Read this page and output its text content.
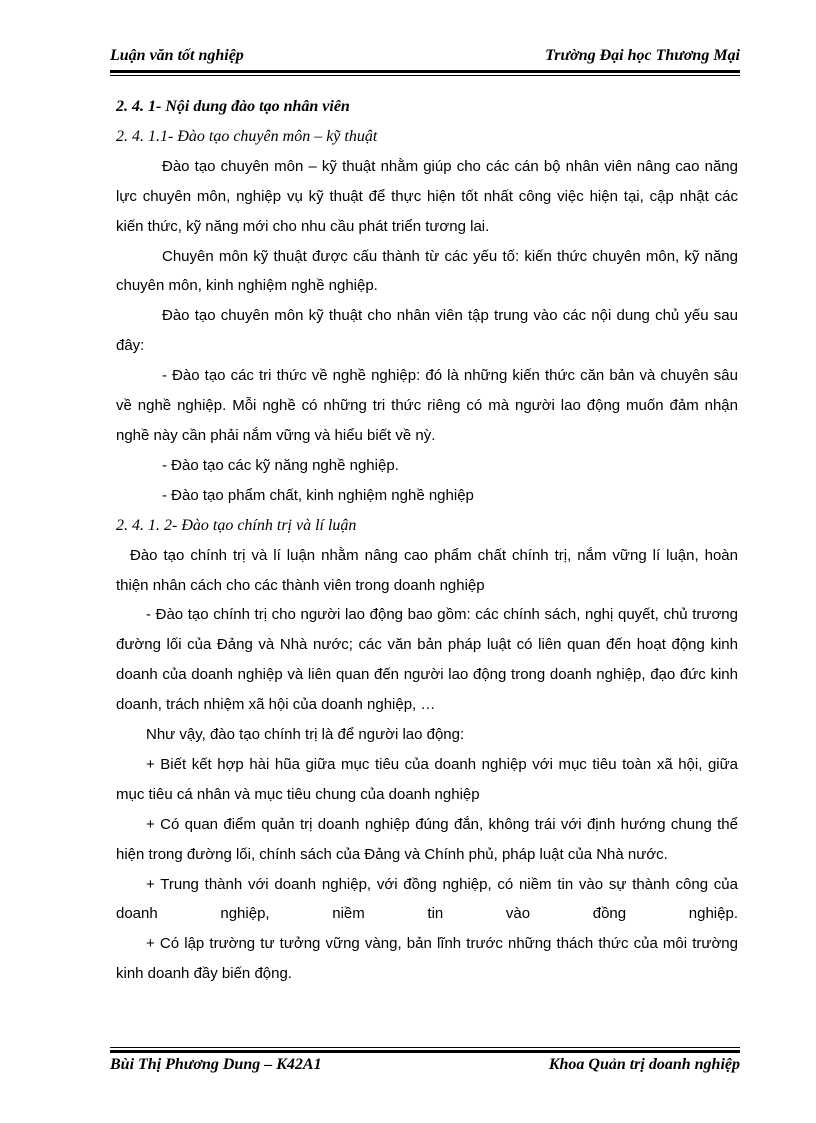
Luận văn tốt nghiệp	Trường Đại học Thương Mại

2. 4. 1- Nội dung đào tạo nhân viên

2. 4. 1.1- Đào tạo chuyên môn – kỹ thuật

Đào tạo chuyên môn – kỹ thuật nhằm giúp cho các cán bộ nhân viên nâng cao năng lực chuyên môn, nghiệp vụ kỹ thuật để thực hiện tốt nhất công việc hiện tại, cập nhật các kiến thức, kỹ năng mới cho nhu cầu phát triển tương lai.

Chuyên môn kỹ thuật được cấu thành từ các yếu tố: kiến thức chuyên môn, kỹ năng chuyên môn, kinh nghiệm nghề nghiệp.

Đào tạo chuyên môn kỹ thuật cho nhân viên tập trung vào các nội dung chủ yếu sau đây:

- Đào tạo các tri thức về nghề nghiệp: đó là những kiến thức căn bản và chuyên sâu về nghề nghiệp. Mỗi nghề có những tri thức riêng có mà người lao động muốn đảm nhận nghề này cần phải nắm vững và hiểu biết về nỳ.

- Đào tạo các kỹ năng nghề nghiệp.

- Đào tạo phẩm chất, kinh nghiệm nghề nghiệp

2. 4. 1. 2- Đào tạo chính trị và lí luận

Đào tạo chính trị và lí luận nhằm nâng cao phẩm chất chính trị, nắm vững lí luận, hoàn thiện nhân cách cho các thành viên trong doanh nghiệp

- Đào tạo chính trị cho người lao động bao gồm: các chính sách, nghị quyết, chủ trương đường lối của Đảng và Nhà nước; các văn bản pháp luật có liên quan đến hoạt động kinh doanh của doanh nghiệp và liên quan đến người lao động trong doanh nghiệp, đạo đức kinh doanh, trách nhiệm xã hội của doanh nghiệp, …

Như vậy, đào tạo chính trị là để người lao động:

+ Biết kết hợp hài hũa giữa mục tiêu của doanh nghiệp với mục tiêu toàn xã hội, giữa mục tiêu cá nhân và mục tiêu chung của doanh nghiệp

+ Có quan điểm quản trị doanh nghiệp đúng đắn, không trái với định hướng chung thể hiện trong đường lối, chính sách của Đảng và Chính phủ, pháp luật của Nhà nước.

+ Trung thành với doanh nghiệp, với đồng nghiệp, có niềm tin vào sự thành công của doanh nghiệp, niềm tin vào đồng nghiệp.

+ Có lập trường tư tưởng vững vàng, bản lĩnh trước những thách thức của môi trường kinh doanh đầy biến động.

Bùi Thị Phương Dung – K42A1	Khoa Quản trị doanh nghiệp
